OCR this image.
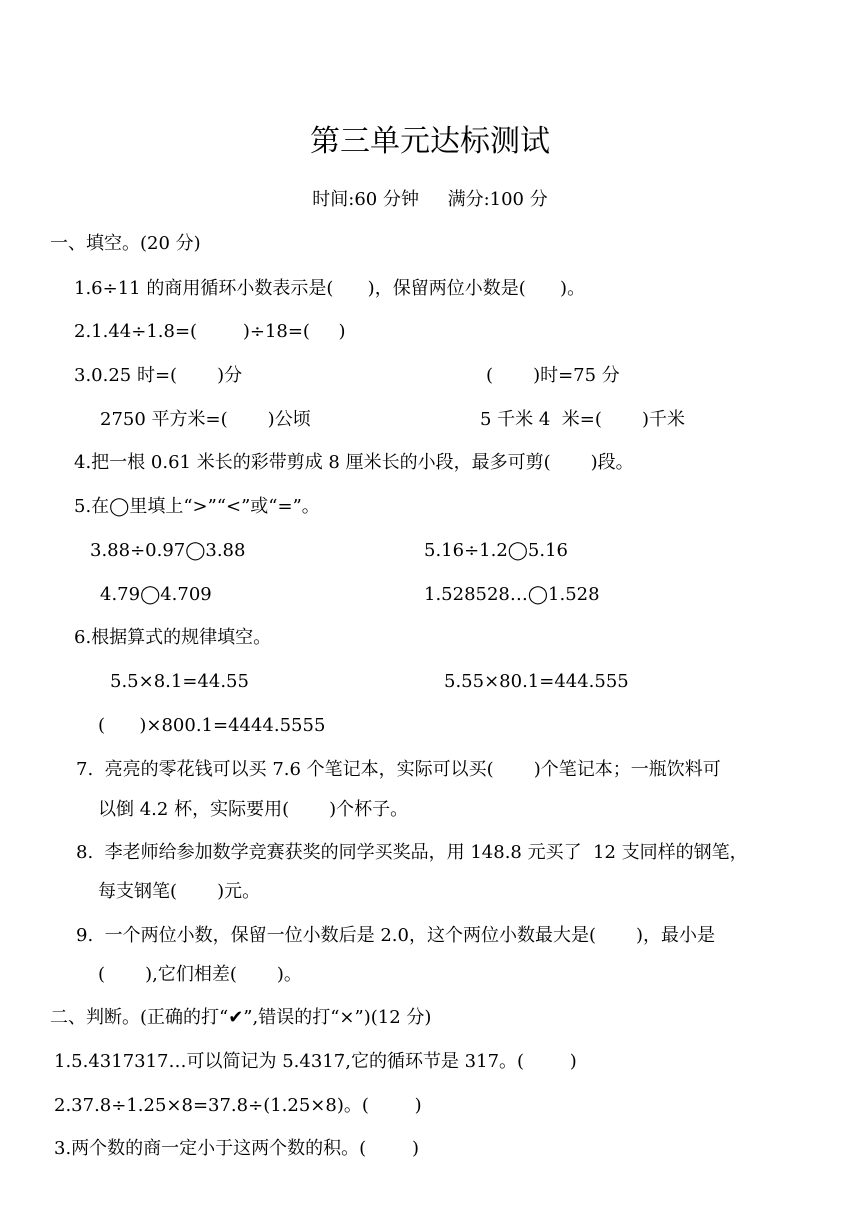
第三单元达标测试
时间:60 分钟     满分:100 分
一、填空。(20 分)
1.6÷11 的商用循环小数表示是(      )，保留两位小数是(      )。
2.1.44÷1.8=(        )÷18=(     )
3.0.25 时=(       )分	(       )时=75 分
2750 平方米=(       )公顷	5 千米 4  米=(       )千米
4.把一根 0.61 米长的彩带剪成 8 厘米长的小段，最多可剪(       )段。
5.在◯里填上“>”“<”或“=”。
3.88÷0.97◯3.88	5.16÷1.2◯5.16
4.79◯4.709	1.528528…◯1.528
6.根据算式的规律填空。
5.5×8.1=44.55	5.55×80.1=444.555
(      )×800.1=4444.5555
7.  亮亮的零花钱可以买 7.6 个笔记本，实际可以买(       )个笔记本；一瓶饮料可
以倒 4.2 杯，实际要用(       )个杯子。
8.  李老师给参加数学竞赛获奖的同学买奖品，用 148.8 元买了  12 支同样的钢笔，
每支钢笔(       )元。
9.  一个两位小数，保留一位小数后是 2.0，这个两位小数最大是(       )，最小是
(       ),它们相差(       )。
二、判断。(正确的打“✔”,错误的打“×”)(12 分)
1.5.4317317…可以简记为 5.4317̇,它的循环节是 317。(        )
2.37.8÷1.25×8=37.8÷(1.25×8)。(        )
3.两个数的商一定小于这两个数的积。(        )
